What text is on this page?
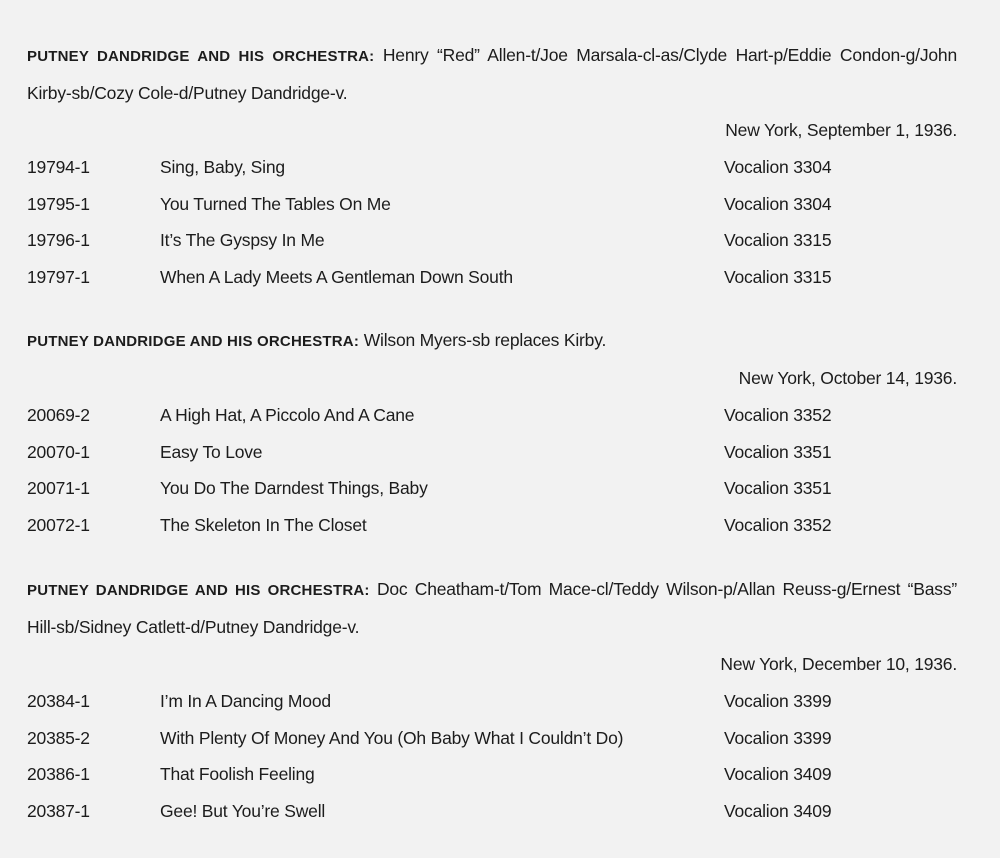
PUTNEY DANDRIDGE AND HIS ORCHESTRA: Henry “Red” Allen-t/Joe Marsala-cl-as/Clyde Hart-p/Eddie Condon-g/John Kirby-sb/Cozy Cole-d/Putney Dandridge-v.
New York, September 1, 1936.
19794-1	Sing, Baby, Sing	Vocalion 3304
19795-1	You Turned The Tables On Me	Vocalion 3304
19796-1	It’s The Gyspsy In Me	Vocalion 3315
19797-1	When A Lady Meets A Gentleman Down South	Vocalion 3315
PUTNEY DANDRIDGE AND HIS ORCHESTRA: Wilson Myers-sb replaces Kirby.
New York, October 14, 1936.
20069-2	A High Hat, A Piccolo And A Cane	Vocalion 3352
20070-1	Easy To Love	Vocalion 3351
20071-1	You Do The Darndest Things, Baby	Vocalion 3351
20072-1	The Skeleton In The Closet	Vocalion 3352
PUTNEY DANDRIDGE AND HIS ORCHESTRA: Doc Cheatham-t/Tom Mace-cl/Teddy Wilson-p/Allan Reuss-g/Ernest “Bass” Hill-sb/Sidney Catlett-d/Putney Dandridge-v.
New York, December 10, 1936.
20384-1	I’m In A Dancing Mood	Vocalion 3399
20385-2	With Plenty Of Money And You (Oh Baby What I Couldn’t Do)	Vocalion 3399
20386-1	That Foolish Feeling	Vocalion 3409
20387-1	Gee! But You’re Swell	Vocalion 3409
